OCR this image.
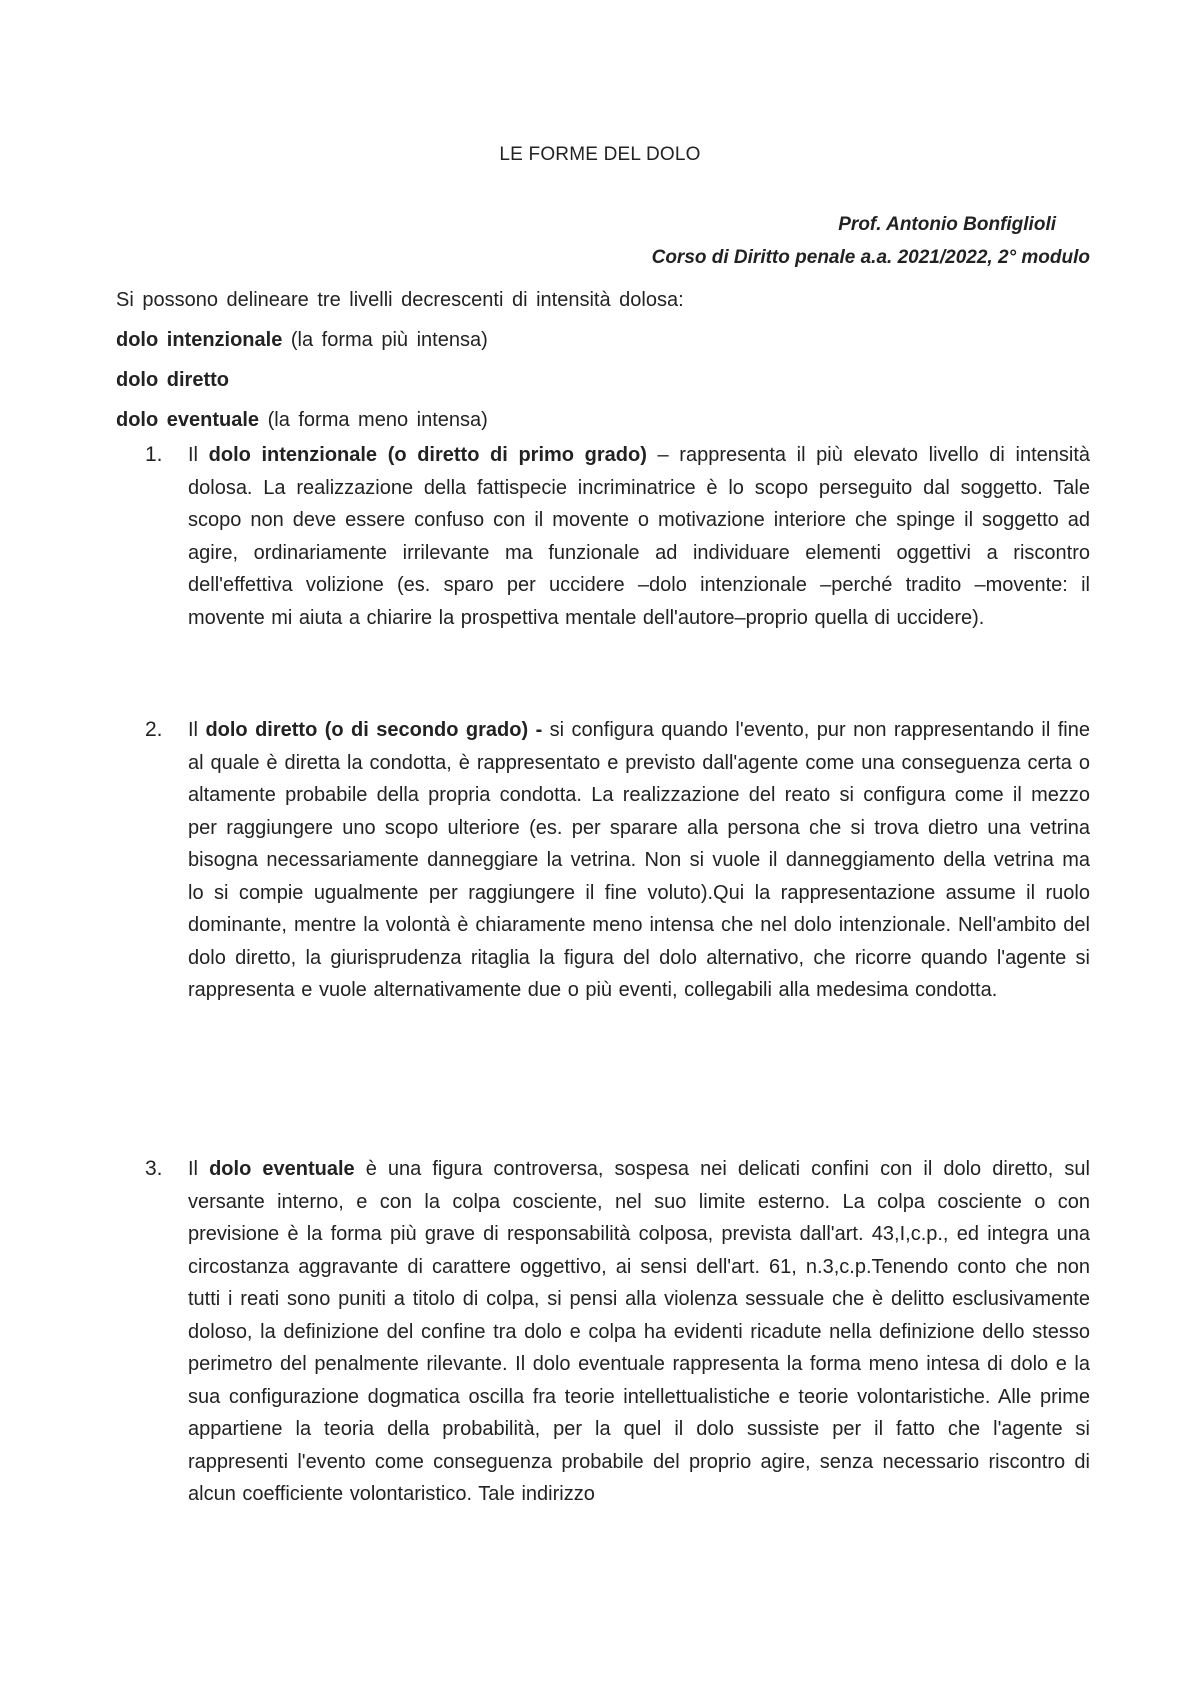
LE FORME DEL DOLO
Prof. Antonio Bonfiglioli
Corso di Diritto penale a.a. 2021/2022, 2° modulo

Si possono delineare tre livelli decrescenti di intensità dolosa:

dolo intenzionale (la forma più intensa)

dolo diretto

dolo eventuale (la forma meno intensa)

1. Il dolo intenzionale (o diretto di primo grado) – rappresenta il più elevato livello di intensità dolosa. La realizzazione della fattispecie incriminatrice è lo scopo perseguito dal soggetto. Tale scopo non deve essere confuso con il movente o motivazione interiore che spinge il soggetto ad agire, ordinariamente irrilevante ma funzionale ad individuare elementi oggettivi a riscontro dell'effettiva volizione (es. sparo per uccidere –dolo intenzionale –perché tradito –movente: il movente mi aiuta a chiarire la prospettiva mentale dell'autore–proprio quella di uccidere).
2. Il dolo diretto (o di secondo grado) - si configura quando l'evento, pur non rappresentando il fine al quale è diretta la condotta, è rappresentato e previsto dall'agente come una conseguenza certa o altamente probabile della propria condotta. La realizzazione del reato si configura come il mezzo per raggiungere uno scopo ulteriore (es. per sparare alla persona che si trova dietro una vetrina bisogna necessariamente danneggiare la vetrina. Non si vuole il danneggiamento della vetrina ma lo si compie ugualmente per raggiungere il fine voluto).Qui la rappresentazione assume il ruolo dominante, mentre la volontà è chiaramente meno intensa che nel dolo intenzionale. Nell'ambito del dolo diretto, la giurisprudenza ritaglia la figura del dolo alternativo, che ricorre quando l'agente si rappresenta e vuole alternativamente due o più eventi, collegabili alla medesima condotta.
3. Il dolo eventuale è una figura controversa, sospesa nei delicati confini con il dolo diretto, sul versante interno, e con la colpa cosciente, nel suo limite esterno. La colpa cosciente o con previsione è la forma più grave di responsabilità colposa, prevista dall'art. 43,I,c.p., ed integra una circostanza aggravante di carattere oggettivo, ai sensi dell'art. 61, n.3,c.p.Tenendo conto che non tutti i reati sono puniti a titolo di colpa, si pensi alla violenza sessuale che è delitto esclusivamente doloso, la definizione del confine tra dolo e colpa ha evidenti ricadute nella definizione dello stesso perimetro del penalmente rilevante. Il dolo eventuale rappresenta la forma meno intesa di dolo e la sua configurazione dogmatica oscilla fra teorie intellettualistiche e teorie volontaristiche. Alle prime appartiene la teoria della probabilità, per la quel il dolo sussiste per il fatto che l'agente si rappresenti l'evento come conseguenza probabile del proprio agire, senza necessario riscontro di alcun coefficiente volontaristico. Tale indirizzo
